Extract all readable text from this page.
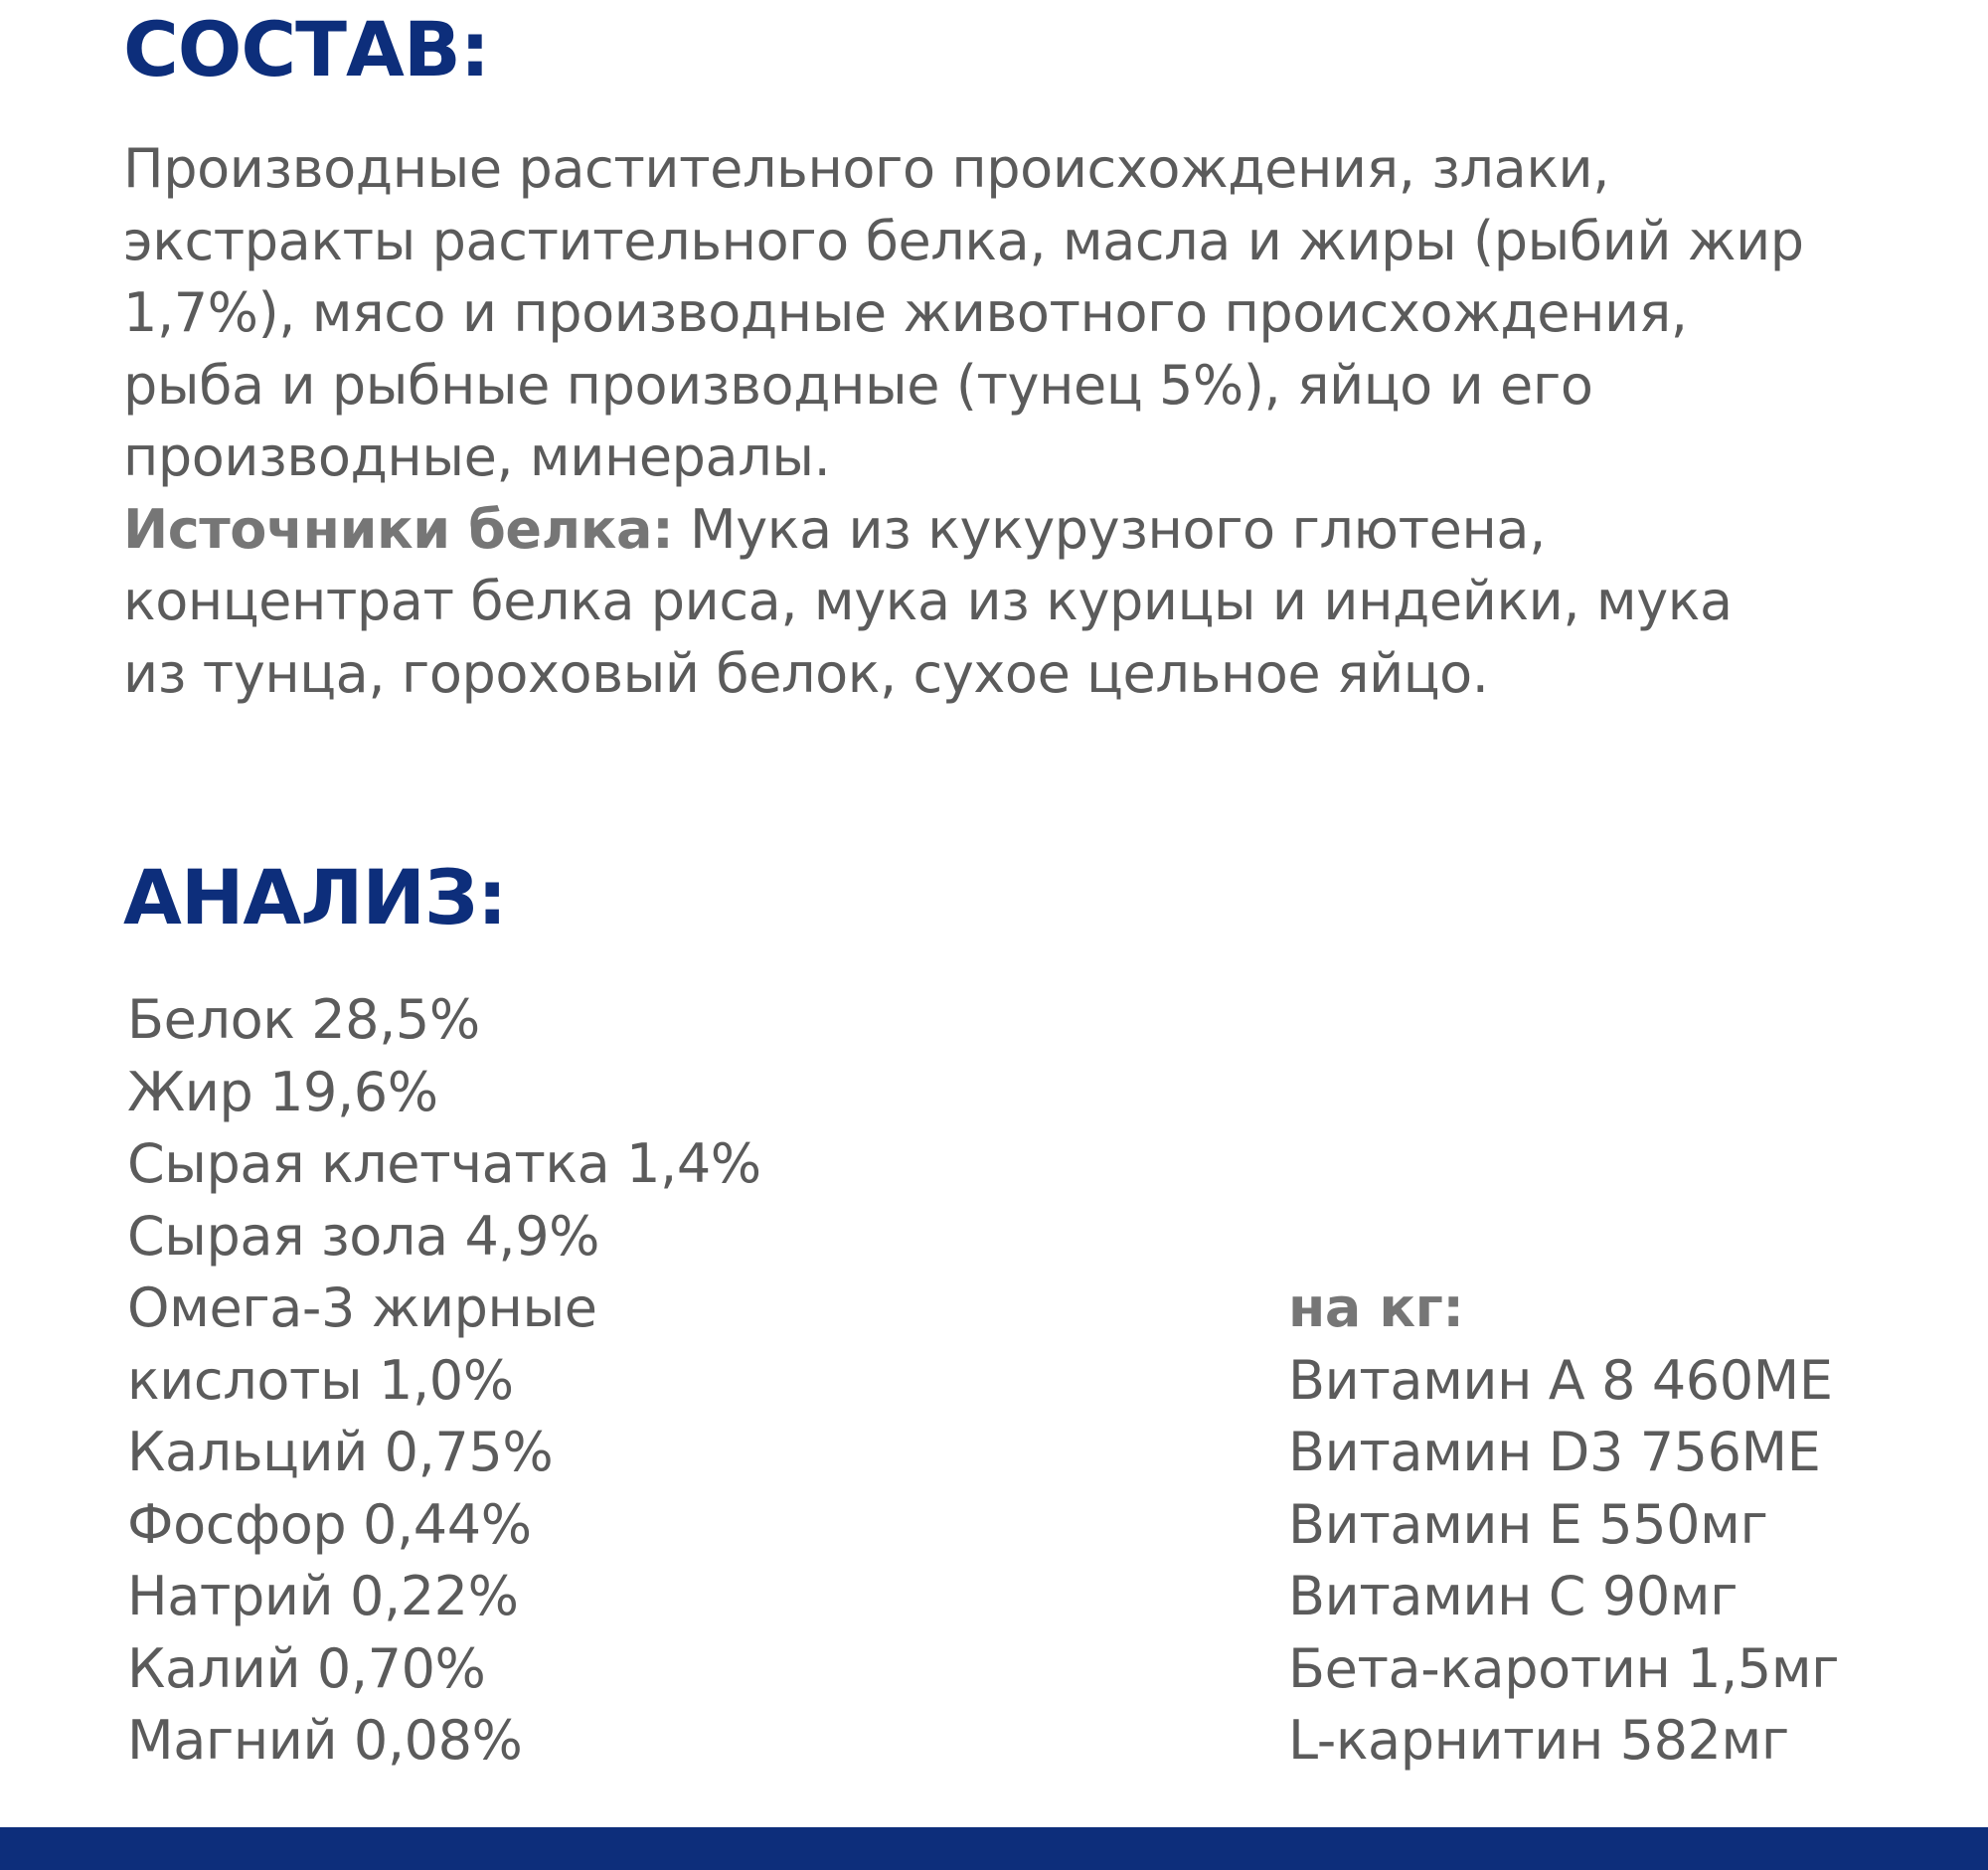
СОСТАВ:
Производные растительного происхождения, злаки,
экстракты растительного белка, масла и жиры (рыбий жир
1,7%), мясо и производные животного происхождения,
рыба и рыбные производные (тунец 5%), яйцо и его
производные, минералы.
Источники белка: Мука из кукурузного глютена,
концентрат белка риса, мука из курицы и индейки, мука
из тунца, гороховый белок, сухое цельное яйцо.
АНАЛИЗ:
Белок 28,5%
Жир 19,6%
Сырая клетчатка 1,4%
Сырая зола 4,9%
Омега-3 жирные
кислоты 1,0%
Кальций 0,75%
Фосфор 0,44%
Натрий 0,22%
Калий 0,70%
Магний 0,08%
на кг:
Витамин А 8 460МЕ
Витамин D3 756МЕ
Витамин Е 550мг
Витамин С 90мг
Бета-каротин 1,5мг
L-карнитин 582мг
